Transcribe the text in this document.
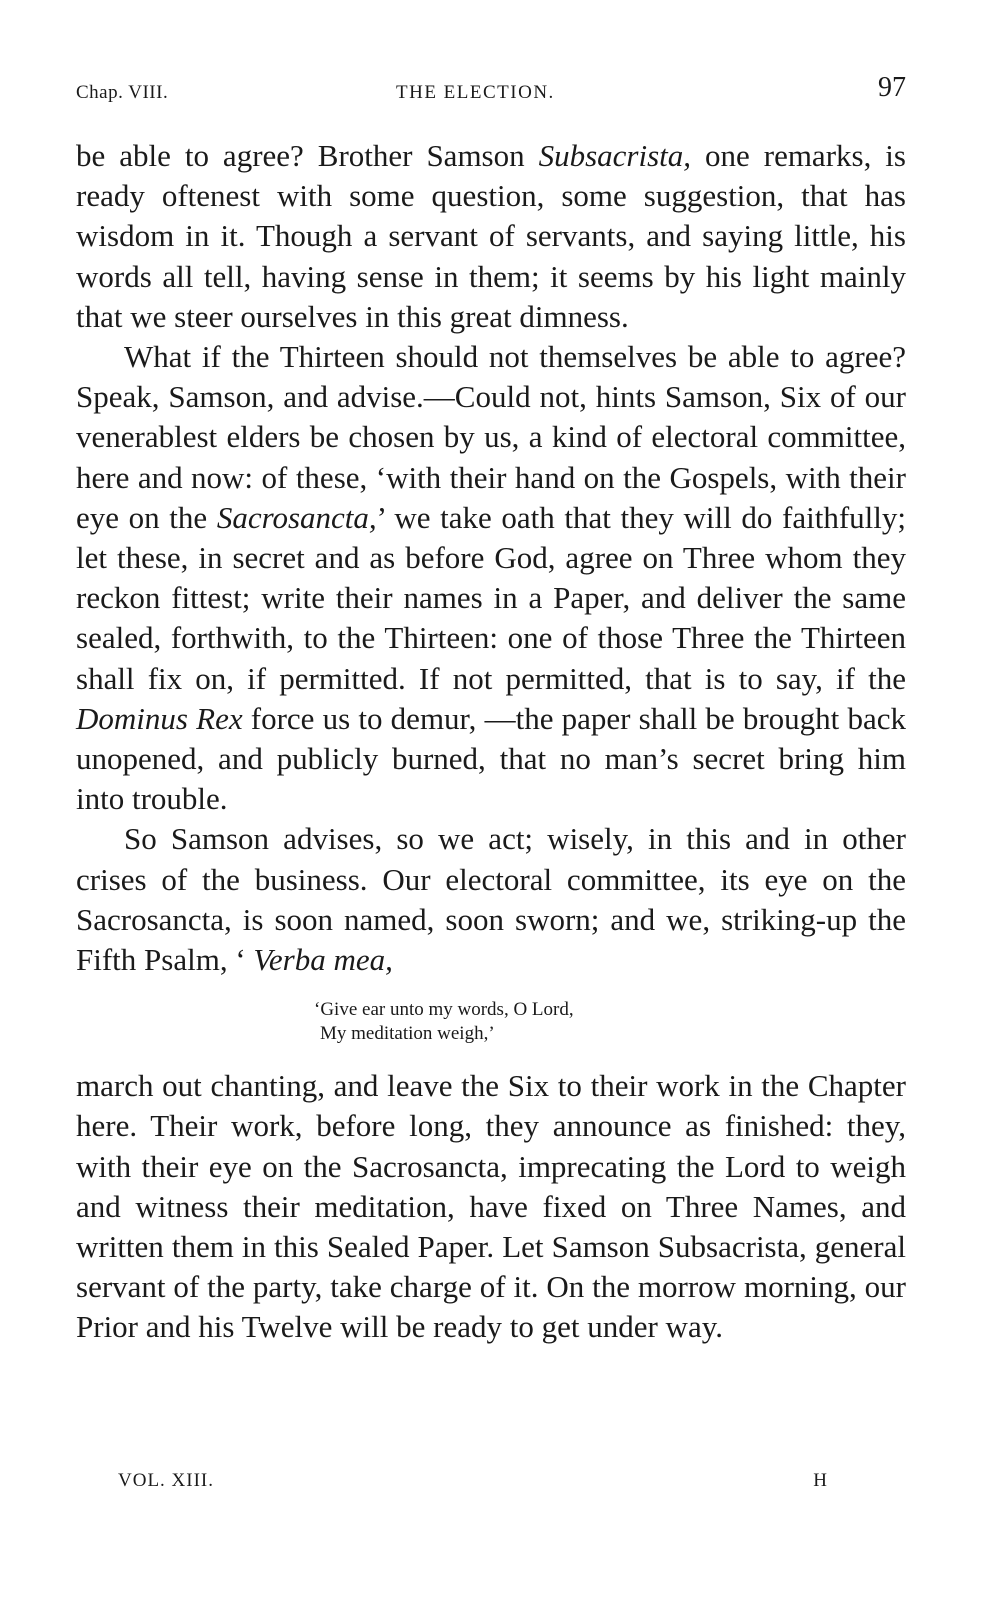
Chap. VIII.	THE ELECTION.	97

be able to agree? Brother Samson Subsacrista, one remarks, is ready oftenest with some question, some suggestion, that has wisdom in it. Though a servant of servants, and saying little, his words all tell, having sense in them; it seems by his light mainly that we steer ourselves in this great dimness.

What if the Thirteen should not themselves be able to agree? Speak, Samson, and advise.—Could not, hints Samson, Six of our venerablest elders be chosen by us, a kind of electoral committee, here and now: of these, ‘with their hand on the Gospels, with their eye on the Sacrosancta,’ we take oath that they will do faithfully; let these, in secret and as before God, agree on Three whom they reckon fittest; write their names in a Paper, and deliver the same sealed, forthwith, to the Thirteen: one of those Three the Thirteen shall fix on, if permitted. If not permitted, that is to say, if the Dominus Rex force us to demur, —the paper shall be brought back unopened, and publicly burned, that no man’s secret bring him into trouble.

So Samson advises, so we act; wisely, in this and in other crises of the business. Our electoral committee, its eye on the Sacrosancta, is soon named, soon sworn; and we, striking-up the Fifth Psalm, ‘ Verba mea,

‘Give ear unto my words, O Lord,
My meditation weigh,’

march out chanting, and leave the Six to their work in the Chapter here. Their work, before long, they announce as finished: they, with their eye on the Sacrosancta, imprecating the Lord to weigh and witness their meditation, have fixed on Three Names, and written them in this Sealed Paper. Let Samson Subsacrista, general servant of the party, take charge of it. On the morrow morning, our Prior and his Twelve will be ready to get under way.

VOL. XIII.	H
